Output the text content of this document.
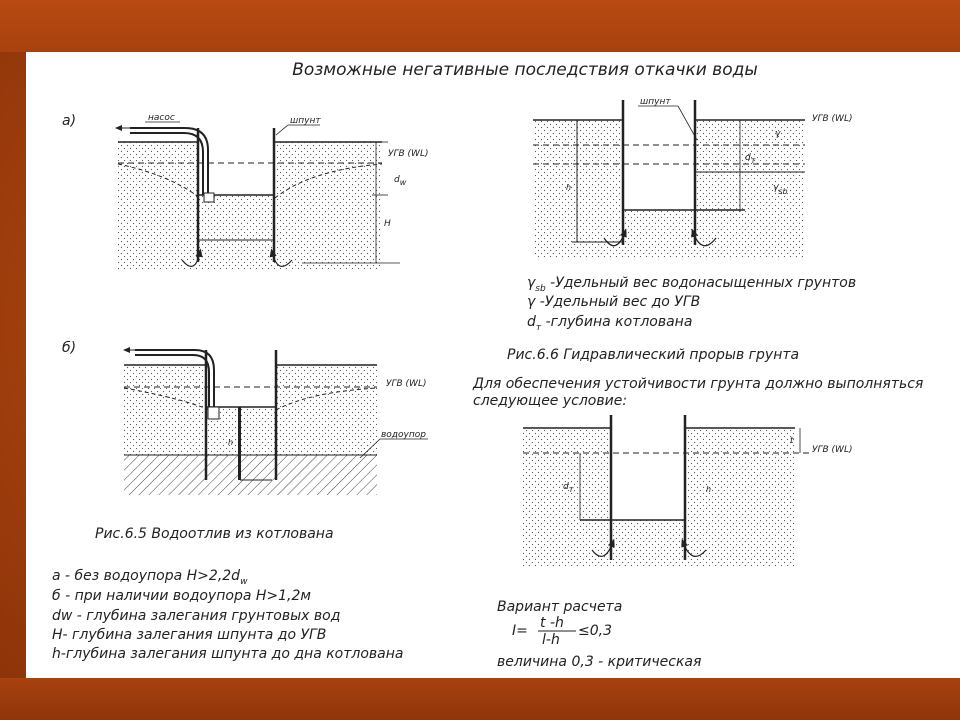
Возможные негативные последствия откачки воды
а)	насос	шпунт
УГВ (WL)
dw
H
б)
h
УГВ (WL)
водоупор
Рис.6.5 Водоотлив из котлована
а - без водоупора $H>2,2d_w$
б - при наличии водоупора H>1,2м
dw - глубина залегания грунтовых вод
H- глубина залегания шпунта до УГВ
h-глубина залегания шпунта до дна котлована
h
шпунт
УГВ (WL)
γ
dт
γsb
$\gamma_{sb}$ -Удельный вес водонасыщенных грунтов
γ -Удельный вес до УГВ
$d_т$ -глубина котлована
Рис.6.6 Гидравлический прорыв грунта
Для обеспечения устойчивости грунта должно выполняться
следующее условие:
t
УГВ (WL)
dт	h
Вариант расчета
I= t -h
l-h
≤0,3
величина 0,3 - критическая
